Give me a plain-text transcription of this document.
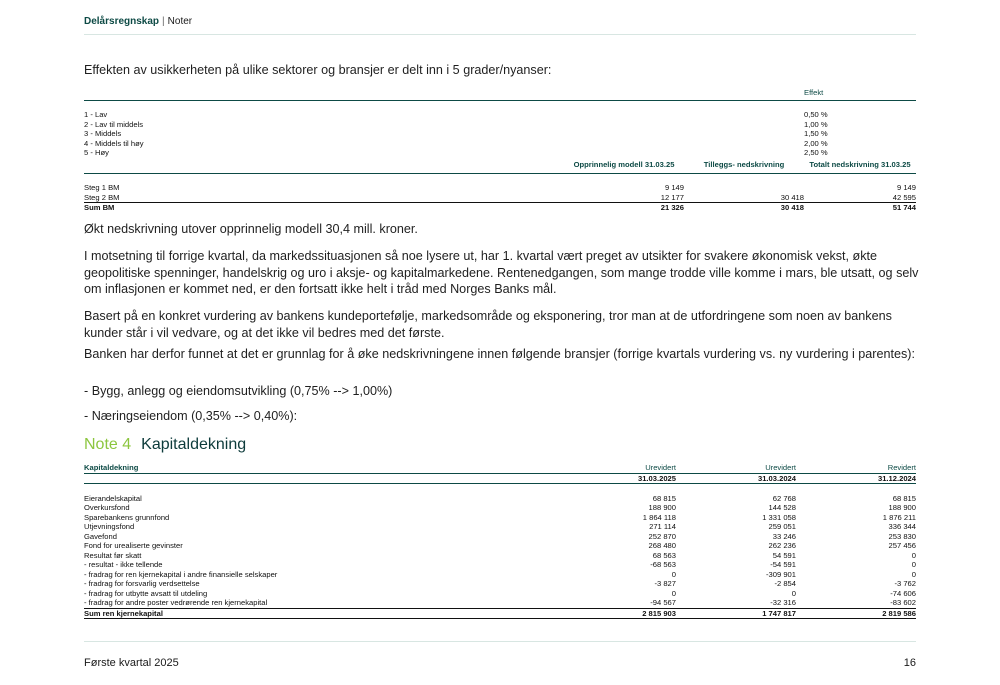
Delårsregnskap | Noter

Effekten av usikkerheten på ulike sektorer og bransjer er delt inn i 5 grader/nyanser:

	Effekt	

1 - Lav	0,50 %	
2 - Lav til middels	1,00 %	
3 - Middels	1,50 %	
4 - Middels til høy	2,00 %	
5 - Høy	2,50 %	
	Opprinnelig modell 31.03.25	Tilleggs- nedskrivning	Totalt nedskrivning 31.03.25

Steg 1 BM	9 149		9 149
Steg 2 BM	12 177	30 418	42 595
Sum BM	21 326	30 418	51 744

Økt nedskrivning utover opprinnelig modell 30,4 mill. kroner.

I motsetning til forrige kvartal, da markedssituasjonen så noe lysere ut, har 1. kvartal vært preget av utsikter for svakere økonomisk vekst, økte geopolitiske spenninger, handelskrig og uro i aksje- og kapitalmarkedene. Rentenedgangen, som mange trodde ville komme i mars, ble utsatt, og selv om inflasjonen er kommet ned, er den fortsatt ikke helt i tråd med Norges Banks mål.

Basert på en konkret vurdering av bankens kundeportefølje, markedsområde og eksponering, tror man at de utfordringene som noen av bankens kunder står i vil vedvare, og at det ikke vil bedres med det første.

Banken har derfor funnet at det er grunnlag for å øke nedskrivningene innen følgende bransjer (forrige kvartals vurdering vs. ny vurdering i parentes):

- Bygg, anlegg og eiendomsutvikling (0,75% --> 1,00%)

- Næringseiendom (0,35% --> 0,40%):

Note 4 Kapitaldekning
Kapitaldekning	Urevidert	Urevidert	Revidert
	31.03.2025	31.03.2024	31.12.2024

Eierandelskapital	68 815	62 768	68 815
Overkursfond	188 900	144 528	188 900
Sparebankens grunnfond	1 864 118	1 331 058	1 876 211
Utjevningsfond	271 114	259 051	336 344
Gavefond	252 870	33 246	253 830
Fond for urealiserte gevinster	268 480	262 236	257 456
Resultat før skatt	68 563	54 591	0
- resultat - ikke tellende	-68 563	-54 591	0
- fradrag for ren kjernekapital i andre finansielle selskaper	0	-309 901	0
- fradrag for forsvarlig verdsettelse	-3 827	-2 854	-3 762
- fradrag for utbytte avsatt til utdeling	0	0	-74 606
- fradrag for andre poster vedrørende ren kjernekapital	-94 567	-32 316	-83 602
Sum ren kjernekapital	2 815 903	1 747 817	2 819 586
Første kvartal 2025	16
